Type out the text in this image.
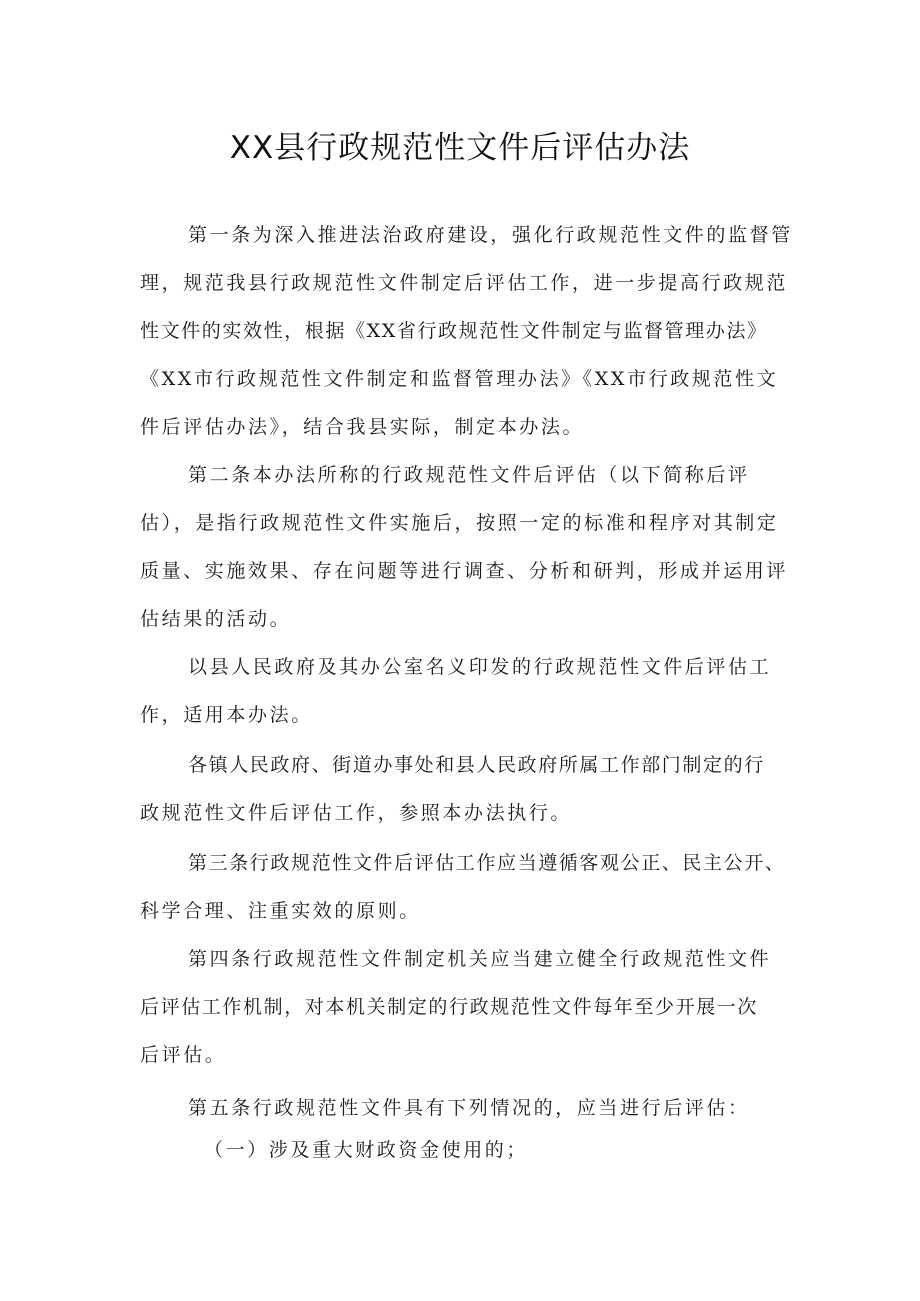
XX县行政规范性文件后评估办法
第一条为深入推进法治政府建设，强化行政规范性文件的监督管
理，规范我县行政规范性文件制定后评估工作，进一步提高行政规范
性文件的实效性，根据《XX省行政规范性文件制定与监督管理办法》
《XX市行政规范性文件制定和监督管理办法》《XX市行政规范性文
件后评估办法》，结合我县实际，制定本办法。
第二条本办法所称的行政规范性文件后评估（以下简称后评
估），是指行政规范性文件实施后，按照一定的标准和程序对其制定
质量、实施效果、存在问题等进行调查、分析和研判，形成并运用评
估结果的活动。
以县人民政府及其办公室名义印发的行政规范性文件后评估工
作，适用本办法。
各镇人民政府、街道办事处和县人民政府所属工作部门制定的行
政规范性文件后评估工作，参照本办法执行。
第三条行政规范性文件后评估工作应当遵循客观公正、民主公开、
科学合理、注重实效的原则。
第四条行政规范性文件制定机关应当建立健全行政规范性文件
后评估工作机制，对本机关制定的行政规范性文件每年至少开展一次
后评估。
第五条行政规范性文件具有下列情况的，应当进行后评估：
（一）涉及重大财政资金使用的；
